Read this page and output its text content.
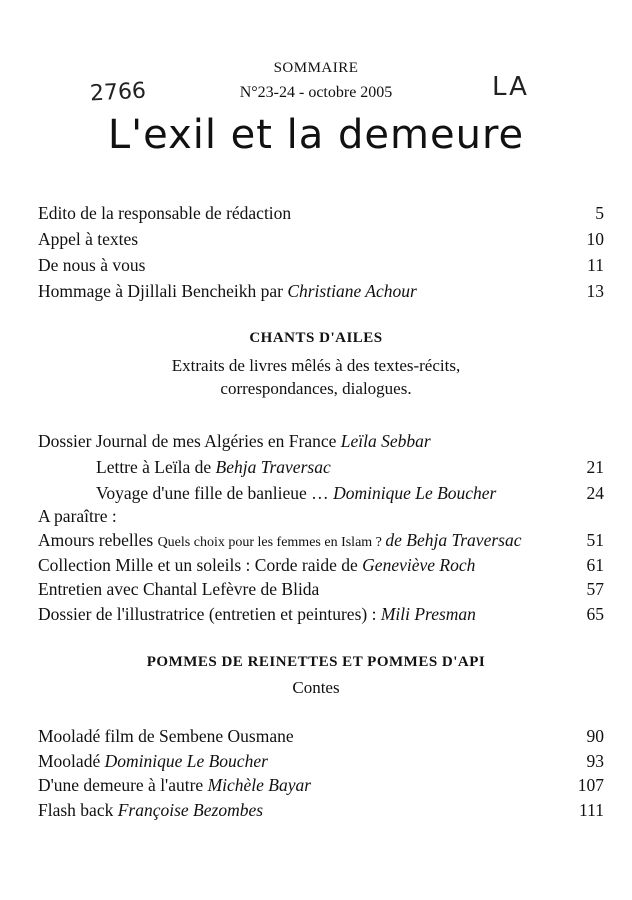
SOMMAIRE
N°23-24 - octobre 2005
2766	LA
L'exil et la demeure
Edito de la responsable de rédaction	5
Appel à textes	10
De nous à vous	11
Hommage à Djillali Bencheikh par Christiane Achour	13
CHANTS D'AILES
Extraits de livres mêlés à des textes-récits,
correspondances, dialogues.
Dossier Journal de mes Algéries en France Leïla Sebbar
Lettre à Leïla de Behja Traversac	21
Voyage d'une fille de banlieue … Dominique Le Boucher	24
A paraître :
Amours rebelles Quels choix pour les femmes en Islam ? de Behja Traversac	51
Collection Mille et un soleils : Corde raide de Geneviève Roch	61
Entretien avec Chantal Lefèvre de Blida	57
Dossier de l'illustratrice (entretien et peintures) : Mili Presman	65
POMMES DE REINETTES ET POMMES D'API
Contes
Mooladé film de Sembene Ousmane	90
Mooladé Dominique Le Boucher	93
D'une demeure à l'autre Michèle Bayar	107
Flash back Françoise Bezombes	111
